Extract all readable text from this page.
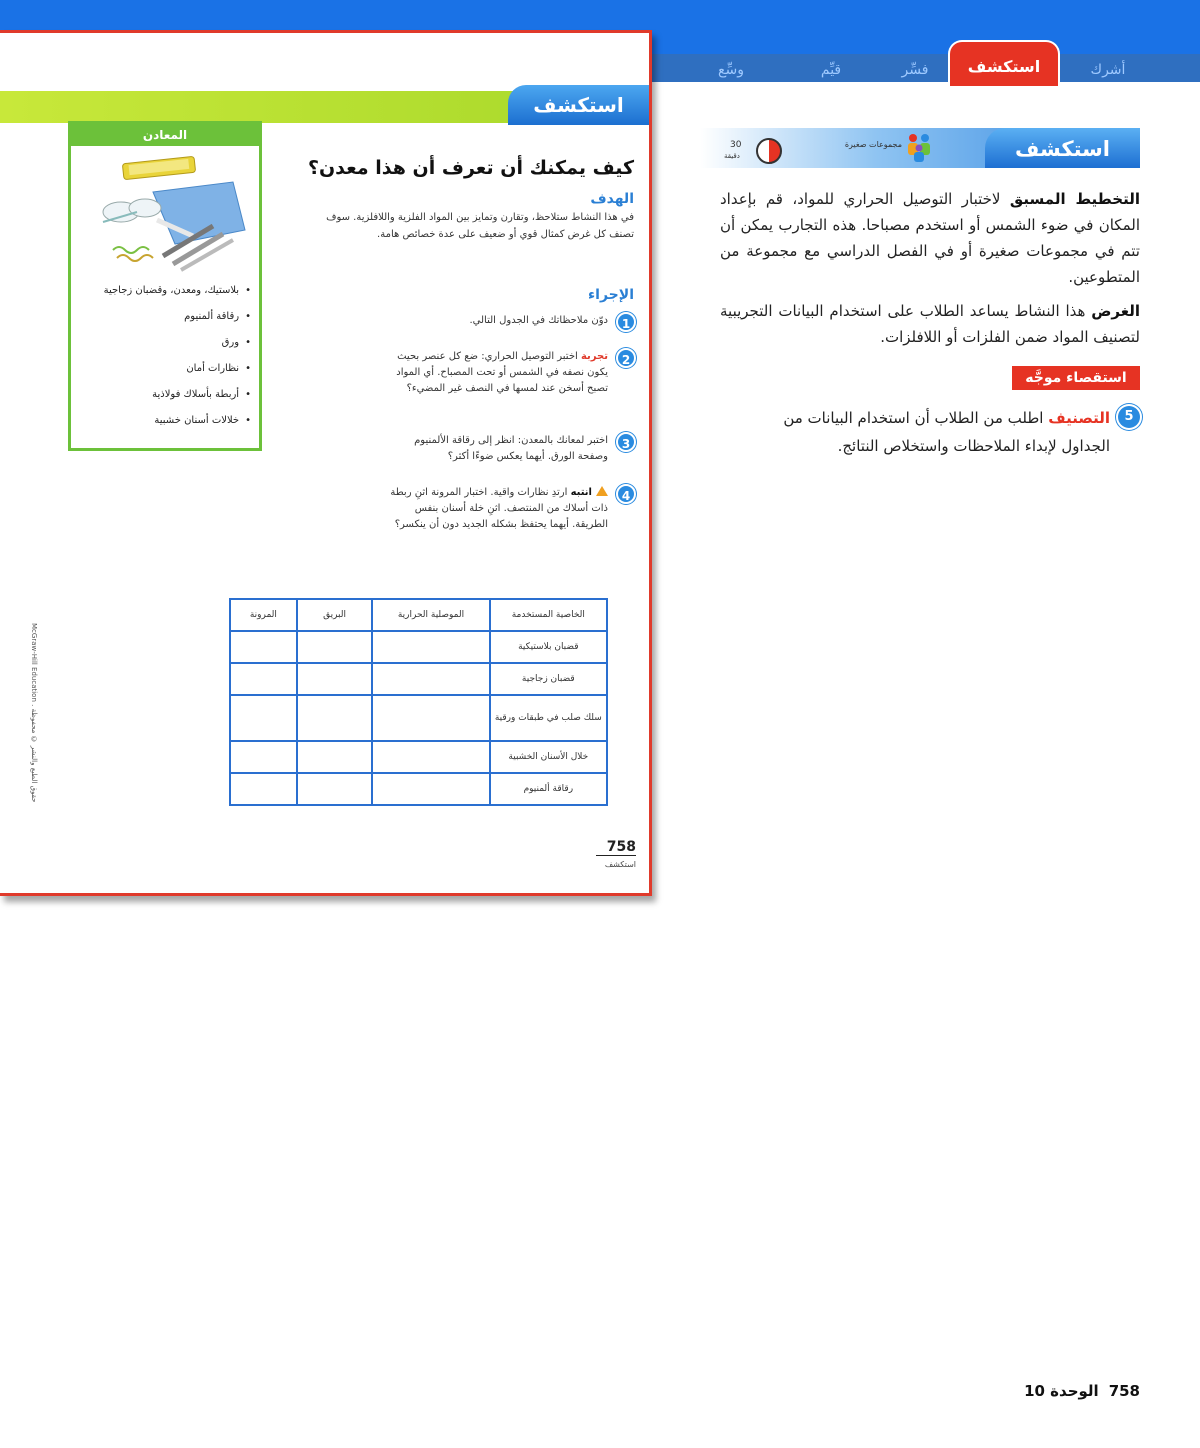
أشرك
استكشف
فسِّر
قيِّم
وسِّع
استكشف
المعادن
• بلاستيك، ومعدن، وقضبان زجاجية
• رقاقة ألمنيوم
• ورق
• نظارات أمان
• أربطة بأسلاك فولاذية
• خلالات أسنان خشبية
كيف يمكنك أن تعرف أن هذا معدن؟
الهدف
في هذا النشاط ستلاحظ، وتقارن وتمايز بين المواد الفلزية واللافلزية. سوف تصنف كل غرض كمثال قوي أو ضعيف على عدة خصائص هامة.
الإجراء
1
دوّن ملاحظاتك في الجدول التالي.
2
تجربة اختبر التوصيل الحراري: ضع كل عنصر بحيث يكون نصفه في الشمس أو تحت المصباح. أي المواد تصبح أسخن عند لمسها في النصف غير المضيء؟
3
اختبر لمعانك بالمعدن: انظر إلى رقاقة الألمنيوم وصفحة الورق. أيهما يعكس ضوءًا أكثر؟
4
انتبه ارتدِ نظارات واقية. اختبار المرونة اثنِ ربطة ذات أسلاك من المنتصف. اثنِ خلة أسنان بنفس الطريقة. أيهما يحتفظ بشكله الجديد دون أن ينكسر؟
الخاصية المستخدمة	الموصلية الحرارية	البريق	المرونة
قضبان بلاستيكية			
قضبان زجاجية			
سلك صلب في طبقات ورقية			
خلال الأسنان الخشبية			
رقاقة ألمنيوم			
McGraw-Hill Education . حقوق الطبع والنشر © محفوظة
758
استكشف
استكشف
مجموعات صغيرة
30
دقيقة
التخطيط المسبق لاختبار التوصيل الحراري للمواد، قم بإعداد المكان في ضوء الشمس أو استخدم مصباحا. هذه التجارب يمكن أن تتم في مجموعات صغيرة أو في الفصل الدراسي مع مجموعة من المتطوعين.
الغرض هذا النشاط يساعد الطلاب على استخدام البيانات التجريبية لتصنيف المواد ضمن الفلزات أو اللافلزات.
استقصاء موجَّه
5
التصنيف اطلب من الطلاب أن استخدام البيانات من الجداول لإبداء الملاحظات واستخلاص النتائج.
758الوحدة 10
